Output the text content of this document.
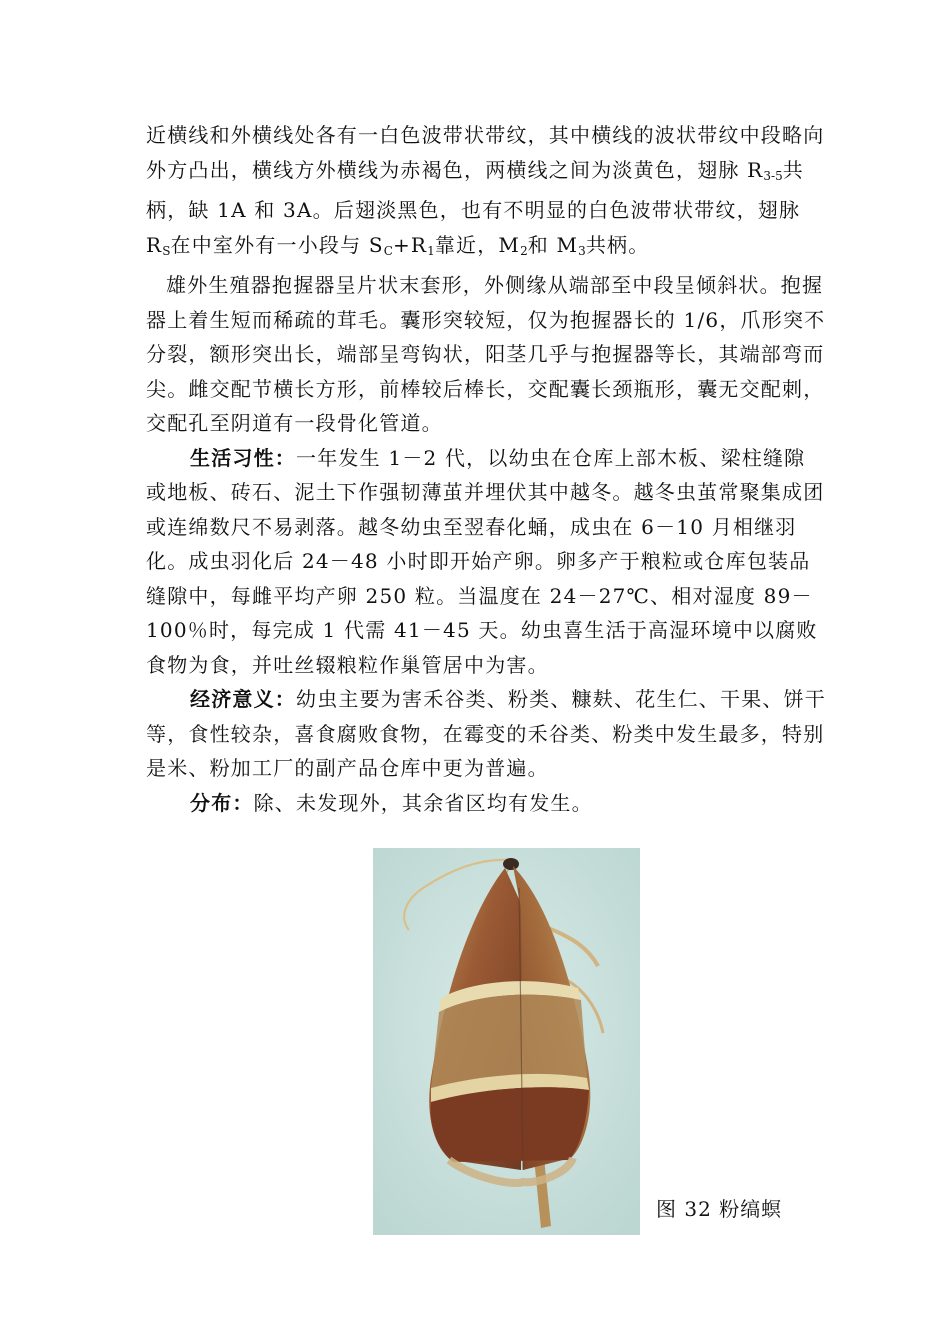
近横线和外横线处各有一白色波带状带纹，其中横线的波状带纹中段略向外方凸出，横线方外横线为赤褐色，两横线之间为淡黄色，翅脉 $R_{3-5}$共柄，缺 1A 和 3A。后翅淡黑色，也有不明显的白色波带状带纹，翅脉 $R_S$在中室外有一小段与 $S_C+R_1$靠近，$M_2$和 $M_3$共柄。

雄外生殖器抱握器呈片状末套形，外侧缘从端部至中段呈倾斜状。抱握器上着生短而稀疏的茸毛。囊形突较短，仅为抱握器长的 1/6，爪形突不分裂，额形突出长，端部呈弯钩状，阳茎几乎与抱握器等长，其端部弯而尖。雌交配节横长方形，前棒较后棒长，交配囊长颈瓶形，囊无交配刺，交配孔至阴道有一段骨化管道。

生活习性：一年发生 1－2 代，以幼虫在仓库上部木板、梁柱缝隙或地板、砖石、泥土下作强韧薄茧并埋伏其中越冬。越冬虫茧常聚集成团或连绵数尺不易剥落。越冬幼虫至翌春化蛹，成虫在 6－10 月相继羽化。成虫羽化后 24－48 小时即开始产卵。卵多产于粮粒或仓库包装品缝隙中，每雌平均产卵 250 粒。当温度在 24－27℃、相对湿度 89－100％时，每完成 1 代需 41－45 天。幼虫喜生活于高湿环境中以腐败食物为食，并吐丝辍粮粒作巢管居中为害。

经济意义：幼虫主要为害禾谷类、粉类、糠麸、花生仁、干果、饼干等，食性较杂，喜食腐败食物，在霉变的禾谷类、粉类中发生最多，特别是米、粉加工厂的副产品仓库中更为普遍。

分布：除、未发现外，其余省区均有发生。

图 32 粉缟螟
